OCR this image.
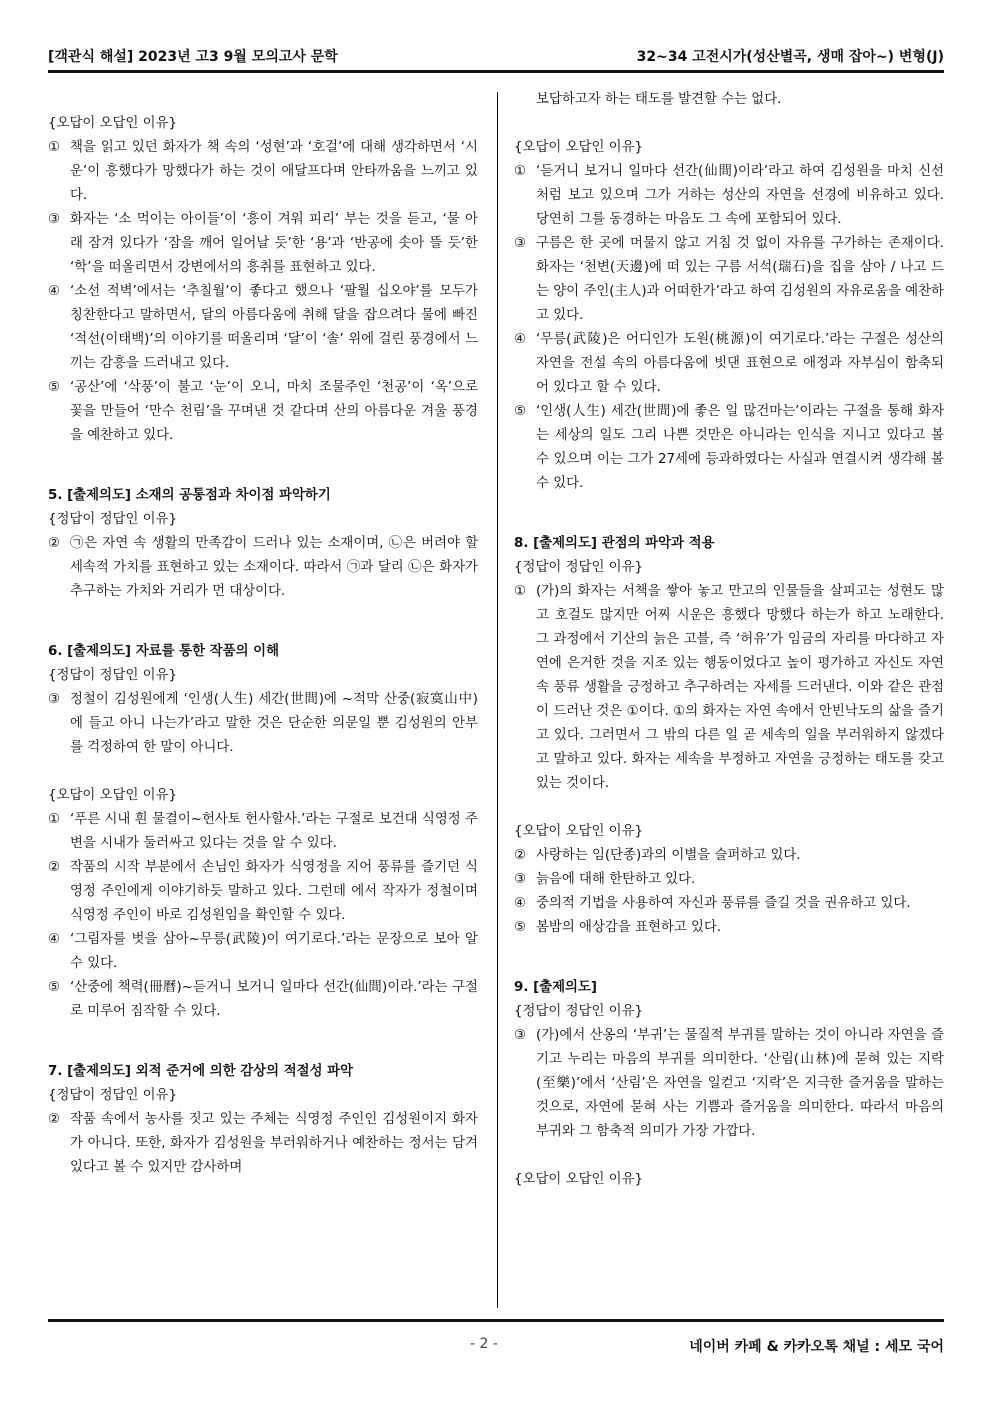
[객관식 해설] 2023년 고3 9월 모의고사 문학	32~34 고전시가(성산별곡, 생매 잡아~) 변형(J)
{오답이 오답인 이유}
① 책을 읽고 있던 화자가 책 속의 ‘성현’과 ‘호걸’에 대해 생각하면서 ‘시운’이 흥했다가 망했다가 하는 것이 애달프다며 안타까움을 느끼고 있다.
③ 화자는 ‘소 먹이는 아이들’이 ‘흥이 겨워 피리’ 부는 것을 듣고, ‘물 아래 잠겨 있다가 ‘잠을 깨어 일어날 듯’한 ‘용’과 ‘반공에 솟아 뜰 듯’한 ‘학’을 떠올리면서 강변에서의 흥취를 표현하고 있다.
④ ‘소선 적벽’에서는 ‘추칠월’이 좋다고 했으나 ‘팔월 십오야’를 모두가 칭찬한다고 말하면서, 달의 아름다움에 취해 달을 잡으려다 물에 빠진 ‘적선(이태백)’의 이야기를 떠올리며 ‘달’이 ‘솔’ 위에 걸린 풍경에서 느끼는 감흥을 드러내고 있다.
⑤ ‘공산’에 ‘삭풍’이 불고 ‘눈’이 오니, 마치 조물주인 ‘천공’이 ‘옥’으로 꽃을 만들어 ‘만수 천림’을 꾸며낸 것 같다며 산의 아름다운 겨울 풍경을 예찬하고 있다.
5. [출제의도] 소재의 공통점과 차이점 파악하기
{정답이 정답인 이유}
② ㉠은 자연 속 생활의 만족감이 드러나 있는 소재이며, ㉡은 버려야 할 세속적 가치를 표현하고 있는 소재이다. 따라서 ㉠과 달리 ㉡은 화자가 추구하는 가치와 거리가 먼 대상이다.
6. [출제의도] 자료를 통한 작품의 이해
{정답이 정답인 이유}
③ 정철이 김성원에게 ‘인생(人生) 세간(世間)에 ~적막 산중(寂寞山中)에 들고 아니 나는가’라고 말한 것은 단순한 의문일 뿐 김성원의 안부를 걱정하여 한 말이 아니다.
{오답이 오답인 이유}
① ‘푸른 시내 흰 물결이~헌사토 헌사할사.’라는 구절로 보건대 식영정 주변을 시내가 둘러싸고 있다는 것을 알 수 있다.
② 작품의 시작 부분에서 손님인 화자가 식영정을 지어 풍류를 즐기던 식영정 주인에게 이야기하듯 말하고 있다. 그런데 에서 작자가 정철이며 식영정 주인이 바로 김성원임을 확인할 수 있다.
④ ‘그림자를 벗을 삼아~무릉(武陵)이 여기로다.’라는 문장으로 보아 알 수 있다.
⑤ ‘산중에 책력(冊曆)~듣거니 보거니 일마다 선간(仙間)이라.’라는 구절로 미루어 짐작할 수 있다.
7. [출제의도] 외적 준거에 의한 감상의 적절성 파악
{정답이 정답인 이유}
② 작품 속에서 농사를 짓고 있는 주체는 식영정 주인인 김성원이지 화자가 아니다. 또한, 화자가 김성원을 부러워하거나 예찬하는 정서는 담겨 있다고 볼 수 있지만 감사하며
보답하고자 하는 태도를 발견할 수는 없다.
{오답이 오답인 이유}
① ‘듣거니 보거니 일마다 선간(仙間)이라’라고 하여 김성원을 마치 신선처럼 보고 있으며 그가 거하는 성산의 자연을 선경에 비유하고 있다. 당연히 그를 동경하는 마음도 그 속에 포함되어 있다.
③ 구름은 한 곳에 머물지 않고 거침 것 없이 자유를 구가하는 존재이다. 화자는 ‘천변(天邊)에 떠 있는 구름 서석(瑞石)을 집을 삼아 / 나고 드는 양이 주인(主人)과 어떠한가’라고 하여 김성원의 자유로움을 예찬하고 있다.
④ ‘무릉(武陵)은 어디인가 도원(桃源)이 여기로다.’라는 구절은 성산의 자연을 전설 속의 아름다움에 빗댄 표현으로 애정과 자부심이 함축되어 있다고 할 수 있다.
⑤ ‘인생(人生) 세간(世間)에 좋은 일 많건마는’이라는 구절을 통해 화자는 세상의 일도 그리 나쁜 것만은 아니라는 인식을 지니고 있다고 볼 수 있으며 이는 그가 27세에 등과하였다는 사실과 연결시켜 생각해 볼 수 있다.
8. [출제의도] 관점의 파악과 적용
{정답이 정답인 이유}
① (가)의 화자는 서책을 쌓아 놓고 만고의 인물들을 살피고는 성현도 많고 호걸도 많지만 어찌 시운은 흥했다 망했다 하는가 하고 노래한다. 그 과정에서 기산의 늙은 고블, 즉 ‘허유’가 임금의 자리를 마다하고 자연에 은거한 것을 지조 있는 행동이었다고 높이 평가하고 자신도 자연 속 풍류 생활을 긍정하고 추구하려는 자세를 드러낸다. 이와 같은 관점이 드러난 것은 ①이다. ①의 화자는 자연 속에서 안빈낙도의 삶을 즐기고 있다. 그러면서 그 밖의 다른 일 곧 세속의 일을 부러워하지 않겠다고 말하고 있다. 화자는 세속을 부정하고 자연을 긍정하는 태도를 갖고 있는 것이다.
{오답이 오답인 이유}
② 사랑하는 임(단종)과의 이별을 슬퍼하고 있다.
③ 늙음에 대해 한탄하고 있다.
④ 중의적 기법을 사용하여 자신과 풍류를 즐길 것을 권유하고 있다.
⑤ 봄밤의 애상감을 표현하고 있다.
9. [출제의도]
{정답이 정답인 이유}
③ (가)에서 산옹의 ‘부귀’는 물질적 부귀를 말하는 것이 아니라 자연을 즐기고 누리는 마음의 부귀를 의미한다. ‘산림(山林)에 묻혀 있는 지락(至樂)’에서 ‘산림’은 자연을 일컫고 ‘지락’은 지극한 즐거움을 말하는 것으로, 자연에 묻혀 사는 기쁨과 즐거움을 의미한다. 따라서 마음의 부귀와 그 함축적 의미가 가장 가깝다.
{오답이 오답인 이유}
- 2 -	네이버 카페 & 카카오톡 채널 : 세모 국어
